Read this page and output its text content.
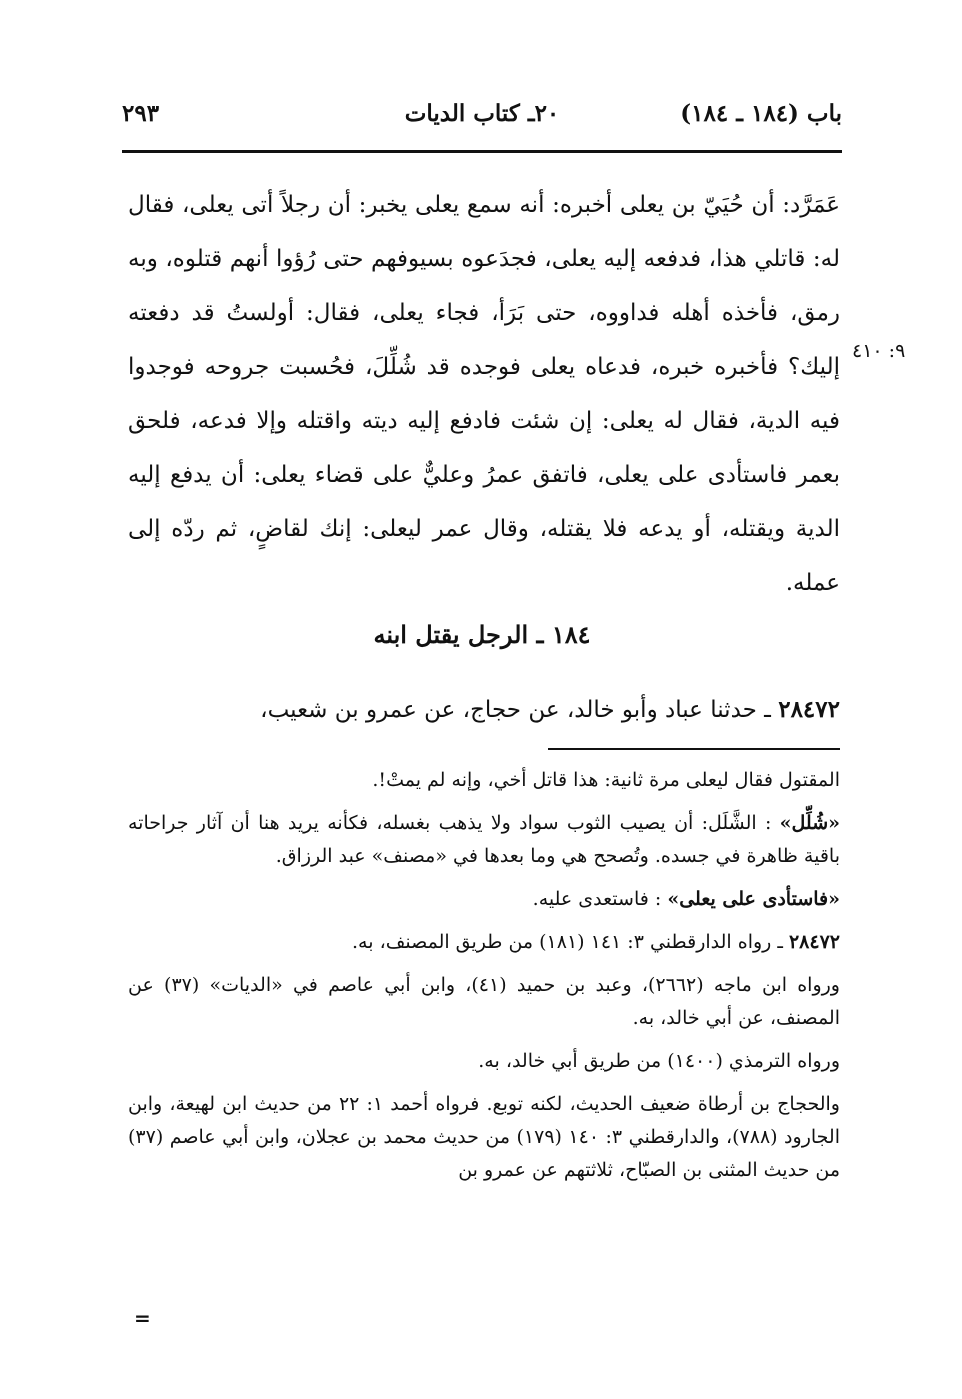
باب (١٨٤ ـ ١٨٤)
٢٠ـ كتاب الديات
٢٩٣

عَمَرَّد: أن حُيَيّ بن يعلى أخبره: أنه سمع يعلى يخبر: أن رجلاً أتى يعلى، فقال له: قاتلي هذا، فدفعه إليه يعلى، فجدَعوه بسيوفهم حتى رُؤوا أنهم قتلوه، وبه رمق، فأخذه أهله فداووه، حتى بَرَأ، فجاء يعلى، فقال: أولستُ قد دفعته إليك؟ فأخبره خبره، فدعاه يعلى فوجده قد شُلِّلَ، فحُسبت جروحه فوجدوا فيه الدية، فقال له يعلى: إن شئت فادفع إليه ديته واقتله وإلا فدعه، فلحق بعمر فاستأدى على يعلى، فاتفق عمرُ وعليٌّ على قضاء يعلى: أن يدفع إليه الدية ويقتله، أو يدعه فلا يقتله، وقال عمر ليعلى: إنك لقاضٍ، ثم ردّه إلى عمله.

٩: ٤١٠
١٨٤ ـ الرجل يقتل ابنه
٢٨٤٧٢ ـ حدثنا عباد وأبو خالد، عن حجاج، عن عمرو بن شعيب،

المقتول فقال ليعلى مرة ثانية: هذا قاتل أخي، وإنه لم يمتْ!.

«شُلِّل» : الشَّلَل: أن يصيب الثوب سواد ولا يذهب بغسله، فكأنه يريد هنا أن آثار جراحاته باقية ظاهرة في جسده. وتُصحح هي وما بعدها في «مصنف» عبد الرزاق.

«فاستأدى على يعلى» : فاستعدى عليه.

٢٨٤٧٢ ـ رواه الدارقطني ٣: ١٤١ (١٨١) من طريق المصنف، به.

ورواه ابن ماجه (٢٦٦٢)، وعبد بن حميد (٤١)، وابن أبي عاصم في «الديات» (٣٧) عن المصنف، عن أبي خالد، به.

ورواه الترمذي (١٤٠٠) من طريق أبي خالد، به.

والحجاج بن أرطاة ضعيف الحديث، لكنه توبع. فرواه أحمد ١: ٢٢ من حديث ابن لهيعة، وابن الجارود (٧٨٨)، والدارقطني ٣: ١٤٠ (١٧٩) من حديث محمد بن عجلان، وابن أبي عاصم (٣٧) من حديث المثنى بن الصبّاح، ثلاثتهم عن عمرو بن

=
